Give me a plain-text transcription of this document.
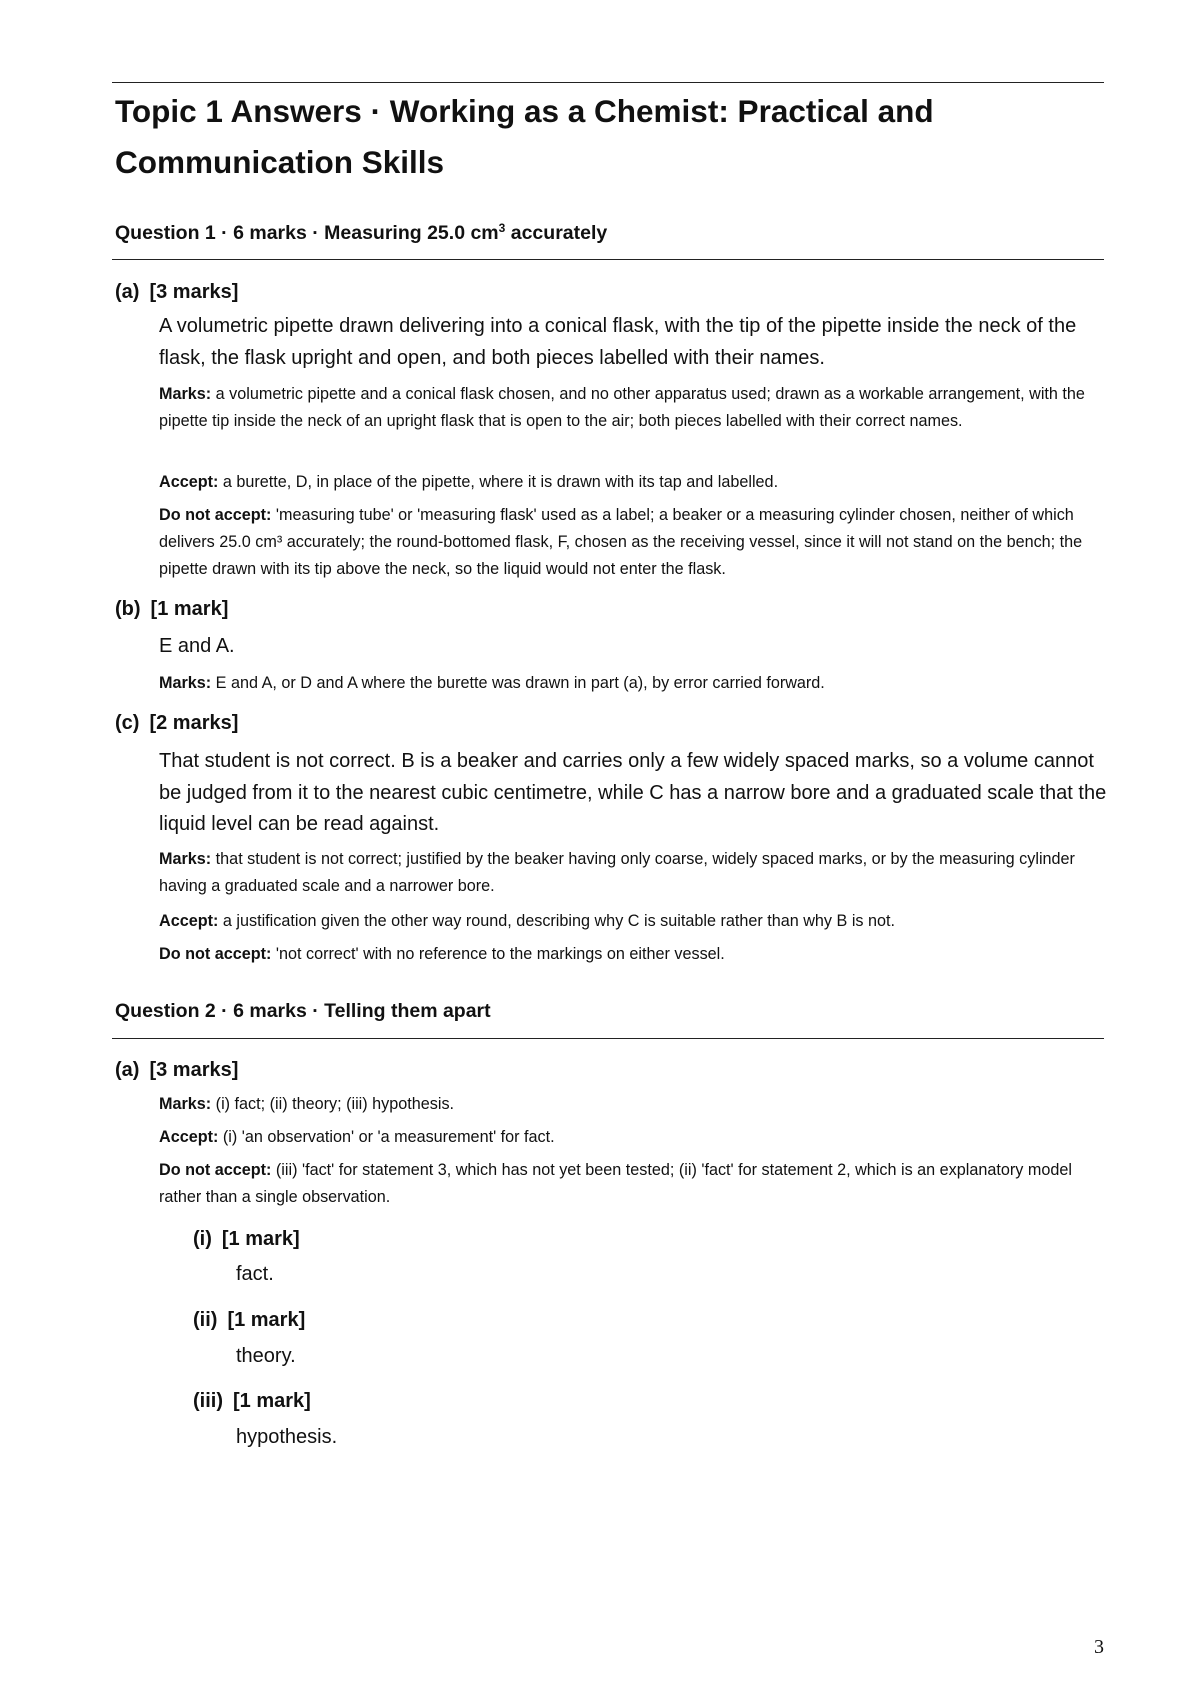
Topic 1 Answers · Working as a Chemist: Practical and Communication Skills

Question 1 · 6 marks · Measuring 25.0 $cm^3$ accurately

(a) [3 marks]

A volumetric pipette drawn delivering into a conical flask, with the tip of the pipette inside the neck of the flask, the flask upright and open, and both pieces labelled with their names.

Marks: a volumetric pipette and a conical flask chosen, and no other apparatus used; drawn as a workable arrangement, with the pipette tip inside the neck of an upright flask that is open to the air; both pieces labelled with their correct names.

Accept: a burette, D, in place of the pipette, where it is drawn with its tap and labelled.

Do not accept: 'measuring tube' or 'measuring flask' used as a label; a beaker or a measuring cylinder chosen, neither of which delivers 25.0 cm³ accurately; the round-bottomed flask, F, chosen as the receiving vessel, since it will not stand on the bench; the pipette drawn with its tip above the neck, so the liquid would not enter the flask.

(b) [1 mark]

E and A.

Marks: E and A, or D and A where the burette was drawn in part (a), by error carried forward.

(c) [2 marks]

That student is not correct. B is a beaker and carries only a few widely spaced marks, so a volume cannot be judged from it to the nearest cubic centimetre, while C has a narrow bore and a graduated scale that the liquid level can be read against.

Marks: that student is not correct; justified by the beaker having only coarse, widely spaced marks, or by the measuring cylinder having a graduated scale and a narrower bore.

Accept: a justification given the other way round, describing why C is suitable rather than why B is not.

Do not accept: 'not correct' with no reference to the markings on either vessel.

Question 2 · 6 marks · Telling them apart

(a) [3 marks]

Marks: (i) fact; (ii) theory; (iii) hypothesis.

Accept: (i) 'an observation' or 'a measurement' for fact.

Do not accept: (iii) 'fact' for statement 3, which has not yet been tested; (ii) 'fact' for statement 2, which is an explanatory model rather than a single observation.

(i) [1 mark]

fact.

(ii) [1 mark]

theory.

(iii) [1 mark]

hypothesis.

3
